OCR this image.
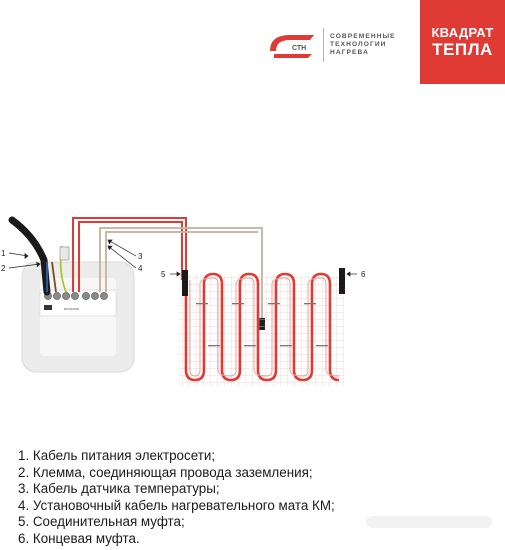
СТН
СОВРЕМЕННЫЕ
ТЕХНОЛОГИИ
НАГРЕВА
КВАДРАТ
ТЕПЛА
RUSSOND
1
2
3
4
5	6
1. Кабель питания электросети;
2. Клемма, соединяющая провода заземления;
3. Кабель датчика температуры;
4. Установочный кабель нагревательного мата КМ;
5. Соединительная муфта;
6. Концевая муфта.
